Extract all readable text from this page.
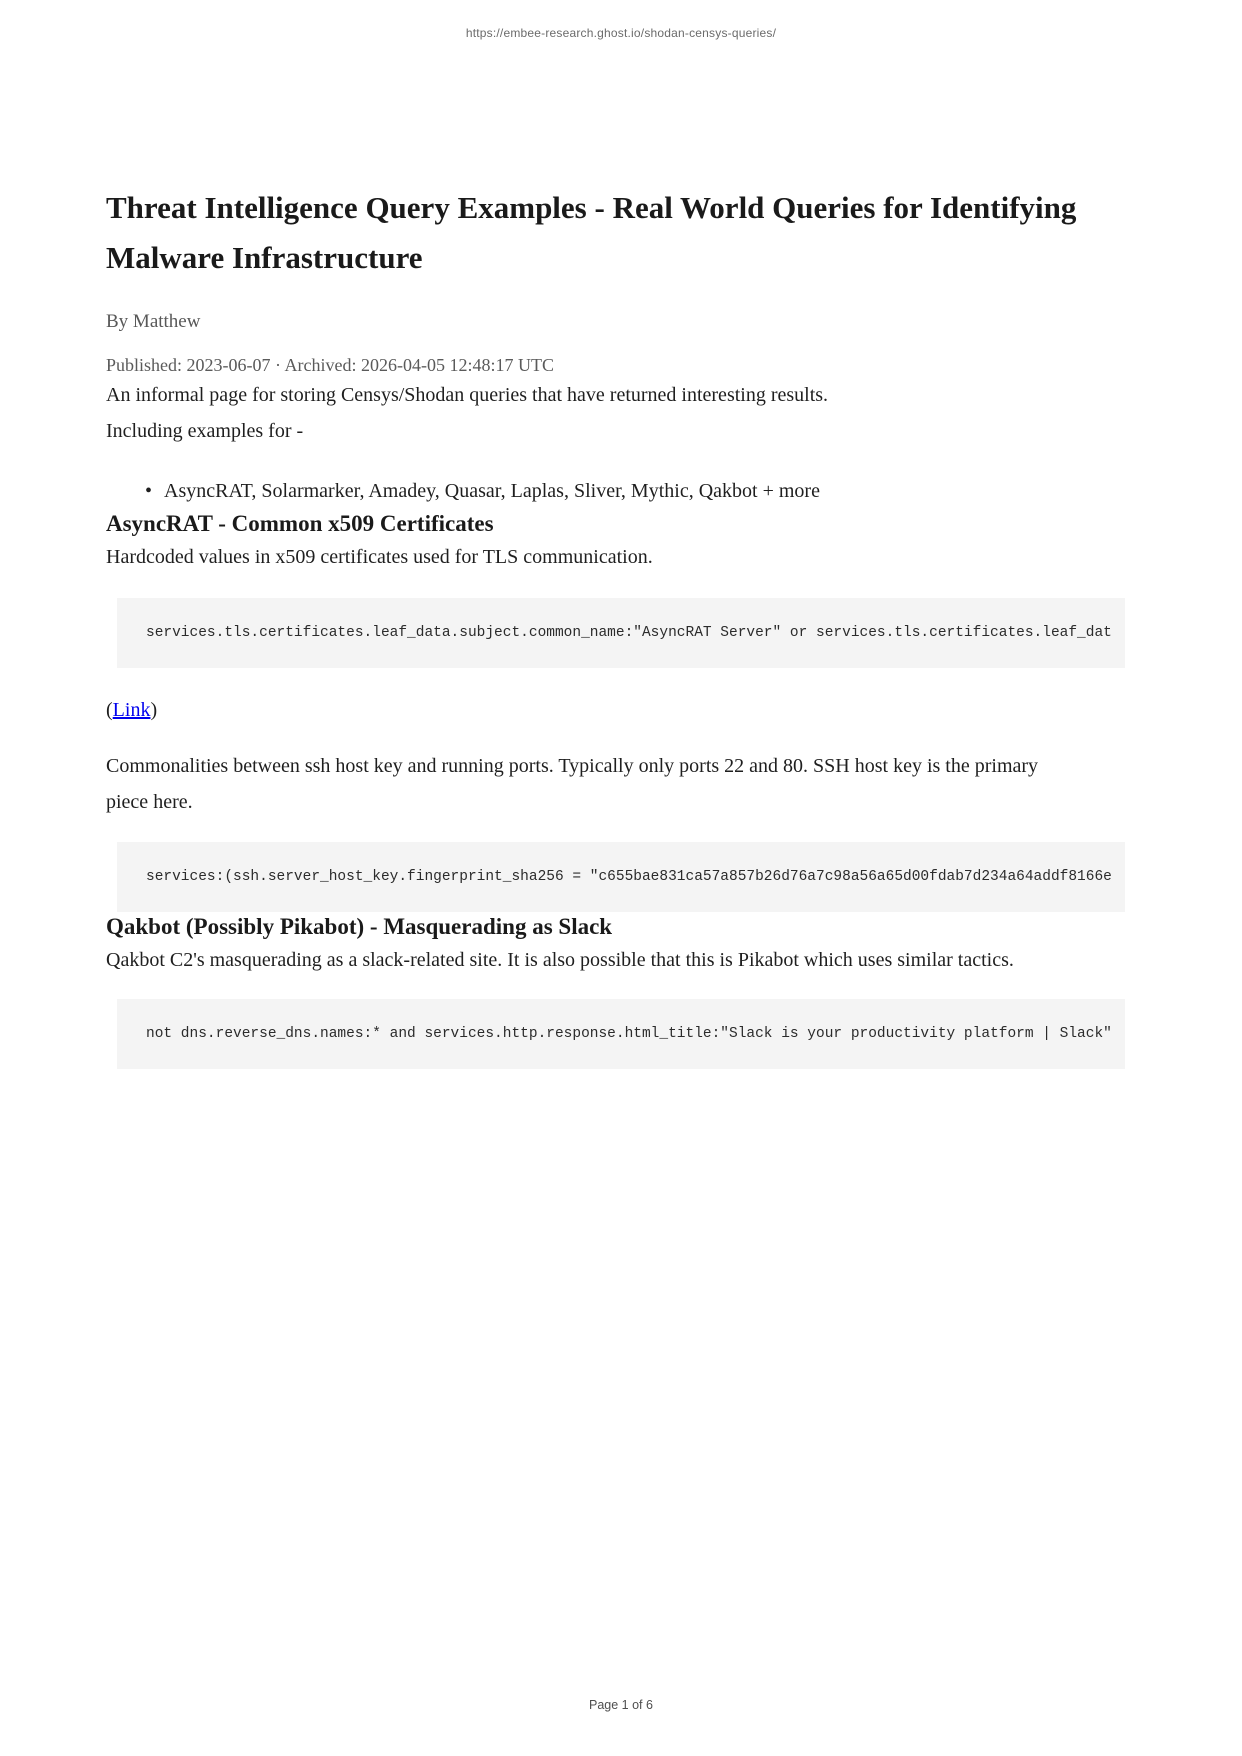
https://embee-research.ghost.io/shodan-censys-queries/
Threat Intelligence Query Examples - Real World Queries for Identifying Malware Infrastructure
By Matthew
Published: 2023-06-07 · Archived: 2026-04-05 12:48:17 UTC

An informal page for storing Censys/Shodan queries that have returned interesting results.

Including examples for -

• AsyncRAT, Solarmarker, Amadey, Quasar, Laplas, Sliver, Mythic, Qakbot + more
AsyncRAT - Common x509 Certificates

Hardcoded values in x509 certificates used for TLS communication.

services.tls.certificates.leaf_data.subject.common_name:"AsyncRAT Server" or services.tls.certificates.leaf_dat

(Link)

Commonalities between ssh host key and running ports. Typically only ports 22 and 80. SSH host key is the primary piece here.

services:(ssh.server_host_key.fingerprint_sha256 = "c655bae831ca57a857b26d76a7c98a56a65d00fdab7d234a64addf8166e
Qakbot (Possibly Pikabot) - Masquerading as Slack

Qakbot C2's masquerading as a slack-related site. It is also possible that this is Pikabot which uses similar tactics.

not dns.reverse_dns.names:* and services.http.response.html_title:"Slack is your productivity platform | Slack"
Page 1 of 6
